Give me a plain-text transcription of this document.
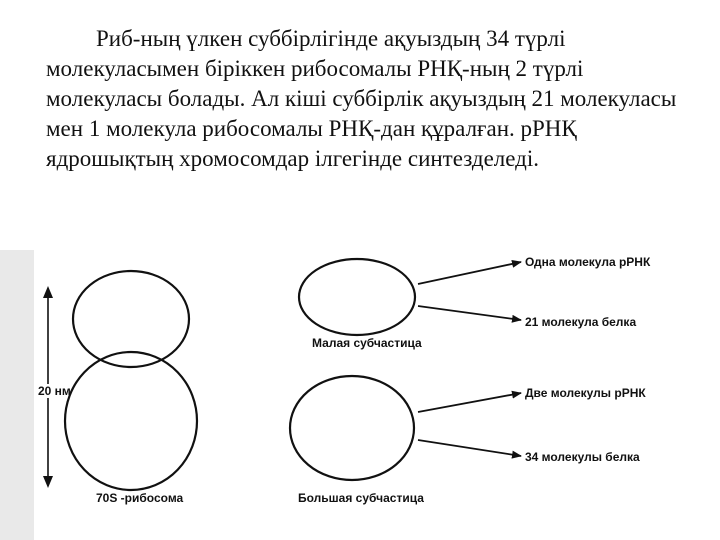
Риб-ның үлкен суббірлігінде ақуыздың 34 түрлі молекуласымен біріккен рибосомалы РНҚ-ның 2 түрлі молекуласы болады. Ал кіші суббірлік ақуыздың 21 молекуласы мен 1 молекула рибосомалы РНҚ-дан құралған. рРНҚ ядрошықтың хромосомдар ілгегінде синтезделеді.

20 нм
70S -рибосома
Малая субчастица
Большая субчастица
Одна молекула рРНК
21 молекула белка
Две молекулы рРНК
34 молекулы белка
